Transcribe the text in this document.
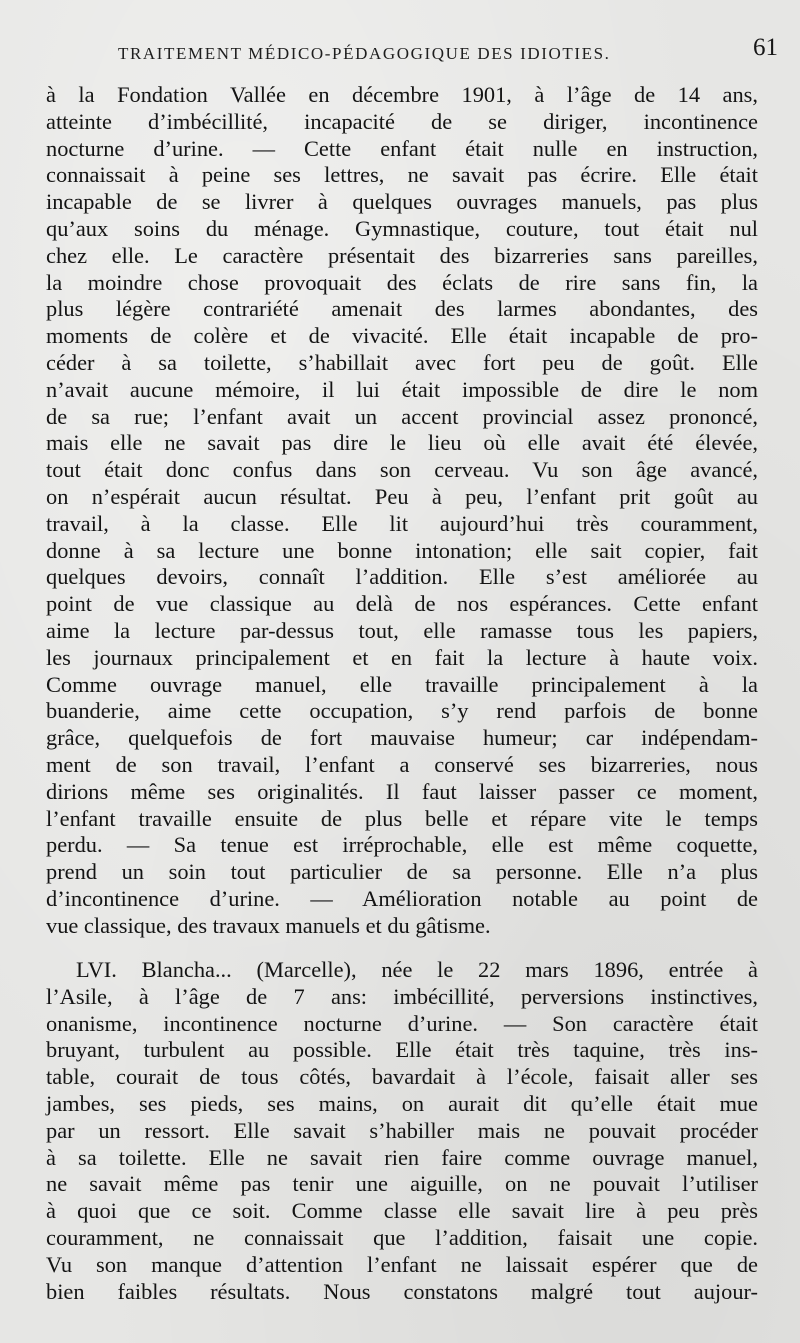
TRAITEMENT MÉDICO-PÉDAGOGIQUE DES IDIOTIES.	61
à la Fondation Vallée en décembre 1901, à l’âge de 14 ans,
atteinte d’imbécillité, incapacité de se diriger, incontinence
nocturne d’urine. — Cette enfant était nulle en instruction,
connaissait à peine ses lettres, ne savait pas écrire. Elle était
incapable de se livrer à quelques ouvrages manuels, pas plus
qu’aux soins du ménage. Gymnastique, couture, tout était nul
chez elle. Le caractère présentait des bizarreries sans pareilles,
la moindre chose provoquait des éclats de rire sans fin, la
plus légère contrariété amenait des larmes abondantes, des
moments de colère et de vivacité. Elle était incapable de pro-
céder à sa toilette, s’habillait avec fort peu de goût. Elle
n’avait aucune mémoire, il lui était impossible de dire le nom
de sa rue; l’enfant avait un accent provincial assez prononcé,
mais elle ne savait pas dire le lieu où elle avait été élevée,
tout était donc confus dans son cerveau. Vu son âge avancé,
on n’espérait aucun résultat. Peu à peu, l’enfant prit goût au
travail, à la classe. Elle lit aujourd’hui très couramment,
donne à sa lecture une bonne intonation; elle sait copier, fait
quelques devoirs, connaît l’addition. Elle s’est améliorée au
point de vue classique au delà de nos espérances. Cette enfant
aime la lecture par-dessus tout, elle ramasse tous les papiers,
les journaux principalement et en fait la lecture à haute voix.
Comme ouvrage manuel, elle travaille principalement à la
buanderie, aime cette occupation, s’y rend parfois de bonne
grâce, quelquefois de fort mauvaise humeur; car indépendam-
ment de son travail, l’enfant a conservé ses bizarreries, nous
dirions même ses originalités. Il faut laisser passer ce moment,
l’enfant travaille ensuite de plus belle et répare vite le temps
perdu. — Sa tenue est irréprochable, elle est même coquette,
prend un soin tout particulier de sa personne. Elle n’a plus
d’incontinence d’urine. — Amélioration notable au point de
vue classique, des travaux manuels et du gâtisme.
LVI. Blancha... (Marcelle), née le 22 mars 1896, entrée à
l’Asile, à l’âge de 7 ans: imbécillité, perversions instinctives,
onanisme, incontinence nocturne d’urine. — Son caractère était
bruyant, turbulent au possible. Elle était très taquine, très ins-
table, courait de tous côtés, bavardait à l’école, faisait aller ses
jambes, ses pieds, ses mains, on aurait dit qu’elle était mue
par un ressort. Elle savait s’habiller mais ne pouvait procéder
à sa toilette. Elle ne savait rien faire comme ouvrage manuel,
ne savait même pas tenir une aiguille, on ne pouvait l’utiliser
à quoi que ce soit. Comme classe elle savait lire à peu près
couramment, ne connaissait que l’addition, faisait une copie.
Vu son manque d’attention l’enfant ne laissait espérer que de
bien faibles résultats. Nous constatons malgré tout aujour-
